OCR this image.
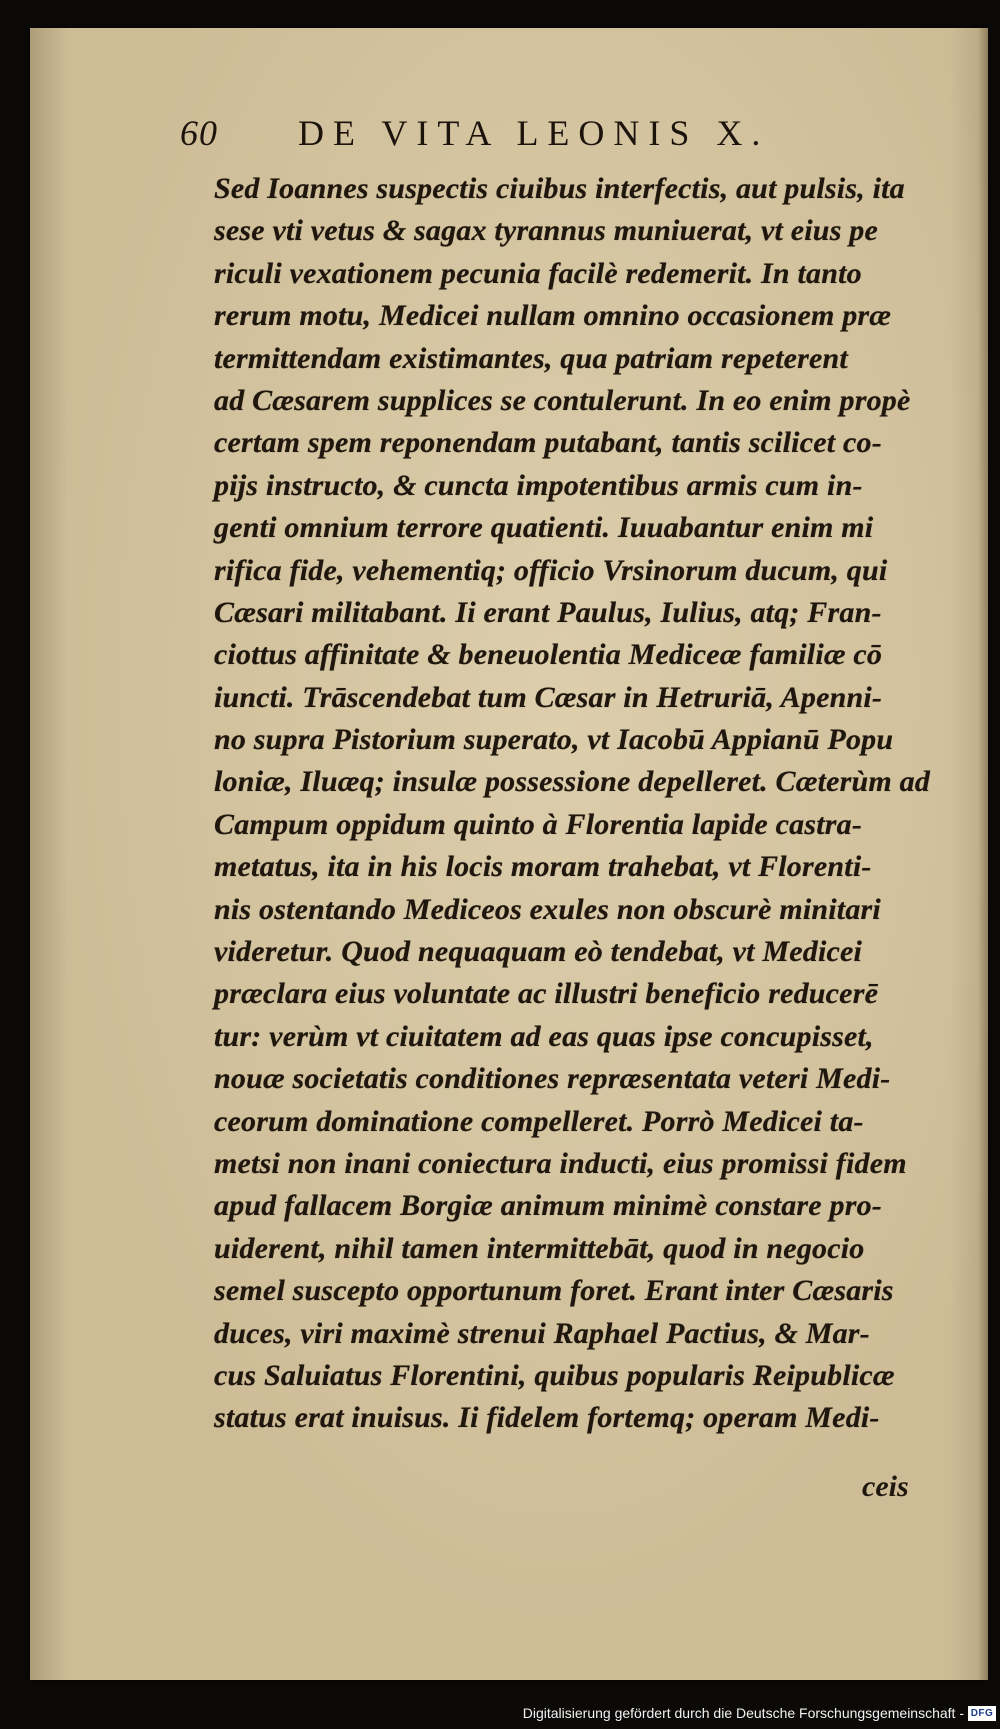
60 DE VITA LEONIS X.
Sed Ioannes suspectis ciuibus interfectis, aut pulsis, ita
sese vti vetus & sagax tyrannus muniuerat, vt eius pe
riculi vexationem pecunia facilè redemerit. In tanto
rerum motu, Medicei nullam omnino occasionem præ
termittendam existimantes, qua patriam repeterent
ad Cæsarem supplices se contulerunt. In eo enim propè
certam spem reponendam putabant, tantis scilicet co-
pijs instructo, & cuncta impotentibus armis cum in-
genti omnium terrore quatienti. Iuuabantur enim mi
rifica fide, vehementiq; officio Vrsinorum ducum, qui
Cæsari militabant. Ii erant Paulus, Iulius, atq; Fran-
ciottus affinitate & beneuolentia Mediceæ familiæ cō
iuncti. Trāscendebat tum Cæsar in Hetruriā, Apenni-
no supra Pistorium superato, vt Iacobū Appianū Popu
loniæ, Iluæq; insulæ possessione depelleret. Cæterùm ad
Campum oppidum quinto à Florentia lapide castra-
metatus, ita in his locis moram trahebat, vt Florenti-
nis ostentando Mediceos exules non obscurè minitari
videretur. Quod nequaquam eò tendebat, vt Medicei
præclara eius voluntate ac illustri beneficio reducerē
tur: verùm vt ciuitatem ad eas quas ipse concupisset,
nouæ societatis conditiones repræsentata veteri Medi-
ceorum dominatione compelleret. Porrò Medicei ta-
metsi non inani coniectura inducti, eius promissi fidem
apud fallacem Borgiæ animum minimè constare pro-
uiderent, nihil tamen intermittebāt, quod in negocio
semel suscepto opportunum foret. Erant inter Cæsaris
duces, viri maximè strenui Raphael Pactius, & Mar-
cus Saluiatus Florentini, quibus popularis Reipublicæ
status erat inuisus. Ii fidelem fortemq; operam Medi-
ceis
Digitalisierung gefördert durch die Deutsche Forschungsgemeinschaft - DFG
